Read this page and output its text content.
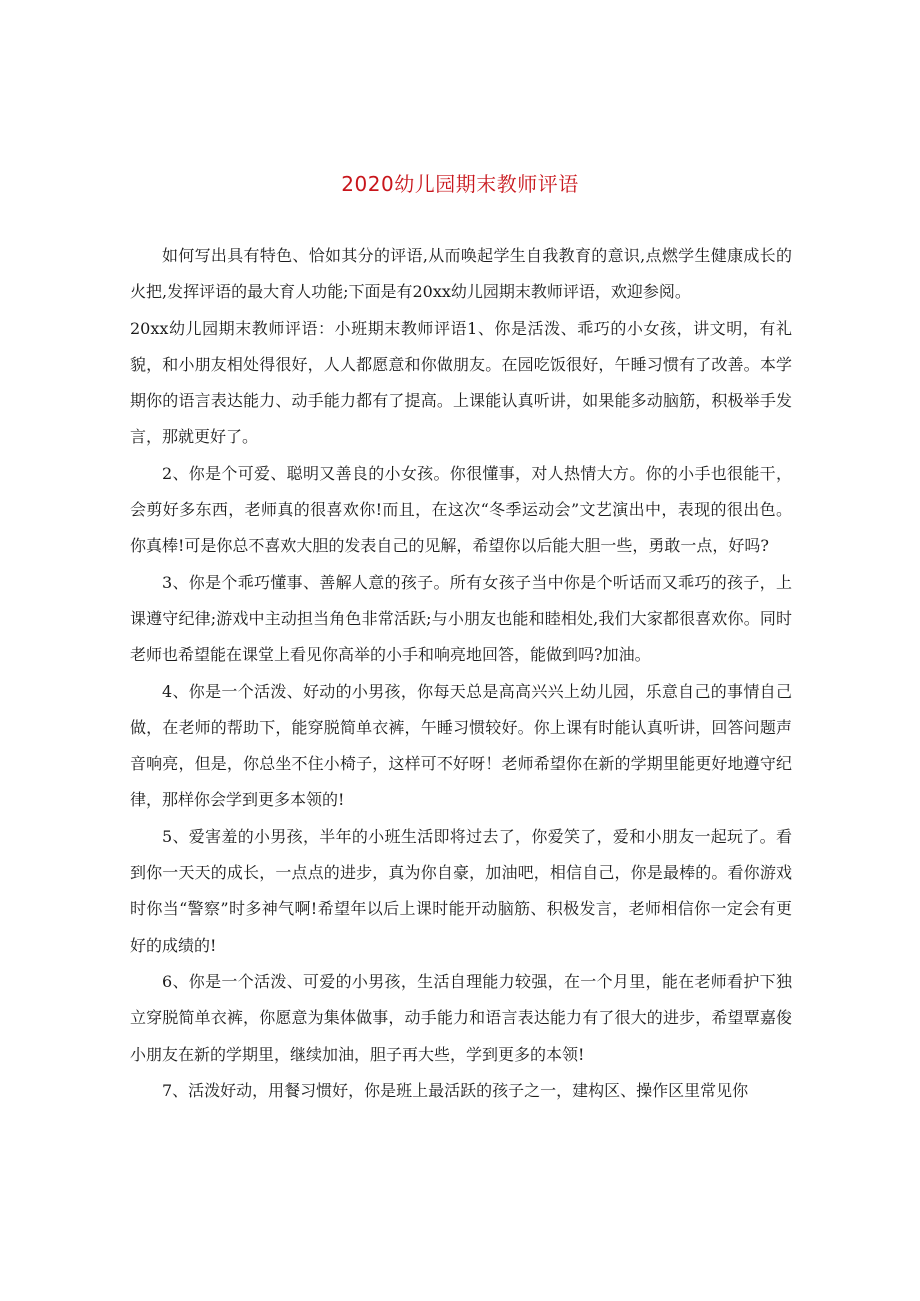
2020幼儿园期末教师评语

如何写出具有特色、恰如其分的评语,从而唤起学生自我教育的意识,点燃学生健康成长的火把,发挥评语的最大育人功能;下面是有20xx幼儿园期末教师评语，欢迎参阅。

20xx幼儿园期末教师评语：小班期末教师评语1、你是活泼、乖巧的小女孩，讲文明，有礼貌，和小朋友相处得很好，人人都愿意和你做朋友。在园吃饭很好，午睡习惯有了改善。本学期你的语言表达能力、动手能力都有了提高。上课能认真听讲，如果能多动脑筋，积极举手发言，那就更好了。

2、你是个可爱、聪明又善良的小女孩。你很懂事，对人热情大方。你的小手也很能干，会剪好多东西，老师真的很喜欢你!而且，在这次“冬季运动会”文艺演出中，表现的很出色。你真棒!可是你总不喜欢大胆的发表自己的见解，希望你以后能大胆一些，勇敢一点，好吗?

3、你是个乖巧懂事、善解人意的孩子。所有女孩子当中你是个听话而又乖巧的孩子，上课遵守纪律;游戏中主动担当角色非常活跃;与小朋友也能和睦相处,我们大家都很喜欢你。同时老师也希望能在课堂上看见你高举的小手和响亮地回答，能做到吗?加油。

4、你是一个活泼、好动的小男孩，你每天总是高高兴兴上幼儿园，乐意自己的事情自己做，在老师的帮助下，能穿脱简单衣裤，午睡习惯较好。你上课有时能认真听讲，回答问题声音响亮，但是，你总坐不住小椅子，这样可不好呀！老师希望你在新的学期里能更好地遵守纪律，那样你会学到更多本领的!

5、爱害羞的小男孩，半年的小班生活即将过去了，你爱笑了，爱和小朋友一起玩了。看到你一天天的成长，一点点的进步，真为你自豪，加油吧，相信自己，你是最棒的。看你游戏时你当“警察”时多神气啊!希望年以后上课时能开动脑筋、积极发言，老师相信你一定会有更好的成绩的!

6、你是一个活泼、可爱的小男孩，生活自理能力较强，在一个月里，能在老师看护下独立穿脱简单衣裤，你愿意为集体做事，动手能力和语言表达能力有了很大的进步，希望覃嘉俊小朋友在新的学期里，继续加油，胆子再大些，学到更多的本领!

7、活泼好动，用餐习惯好，你是班上最活跃的孩子之一，建构区、操作区里常见你
